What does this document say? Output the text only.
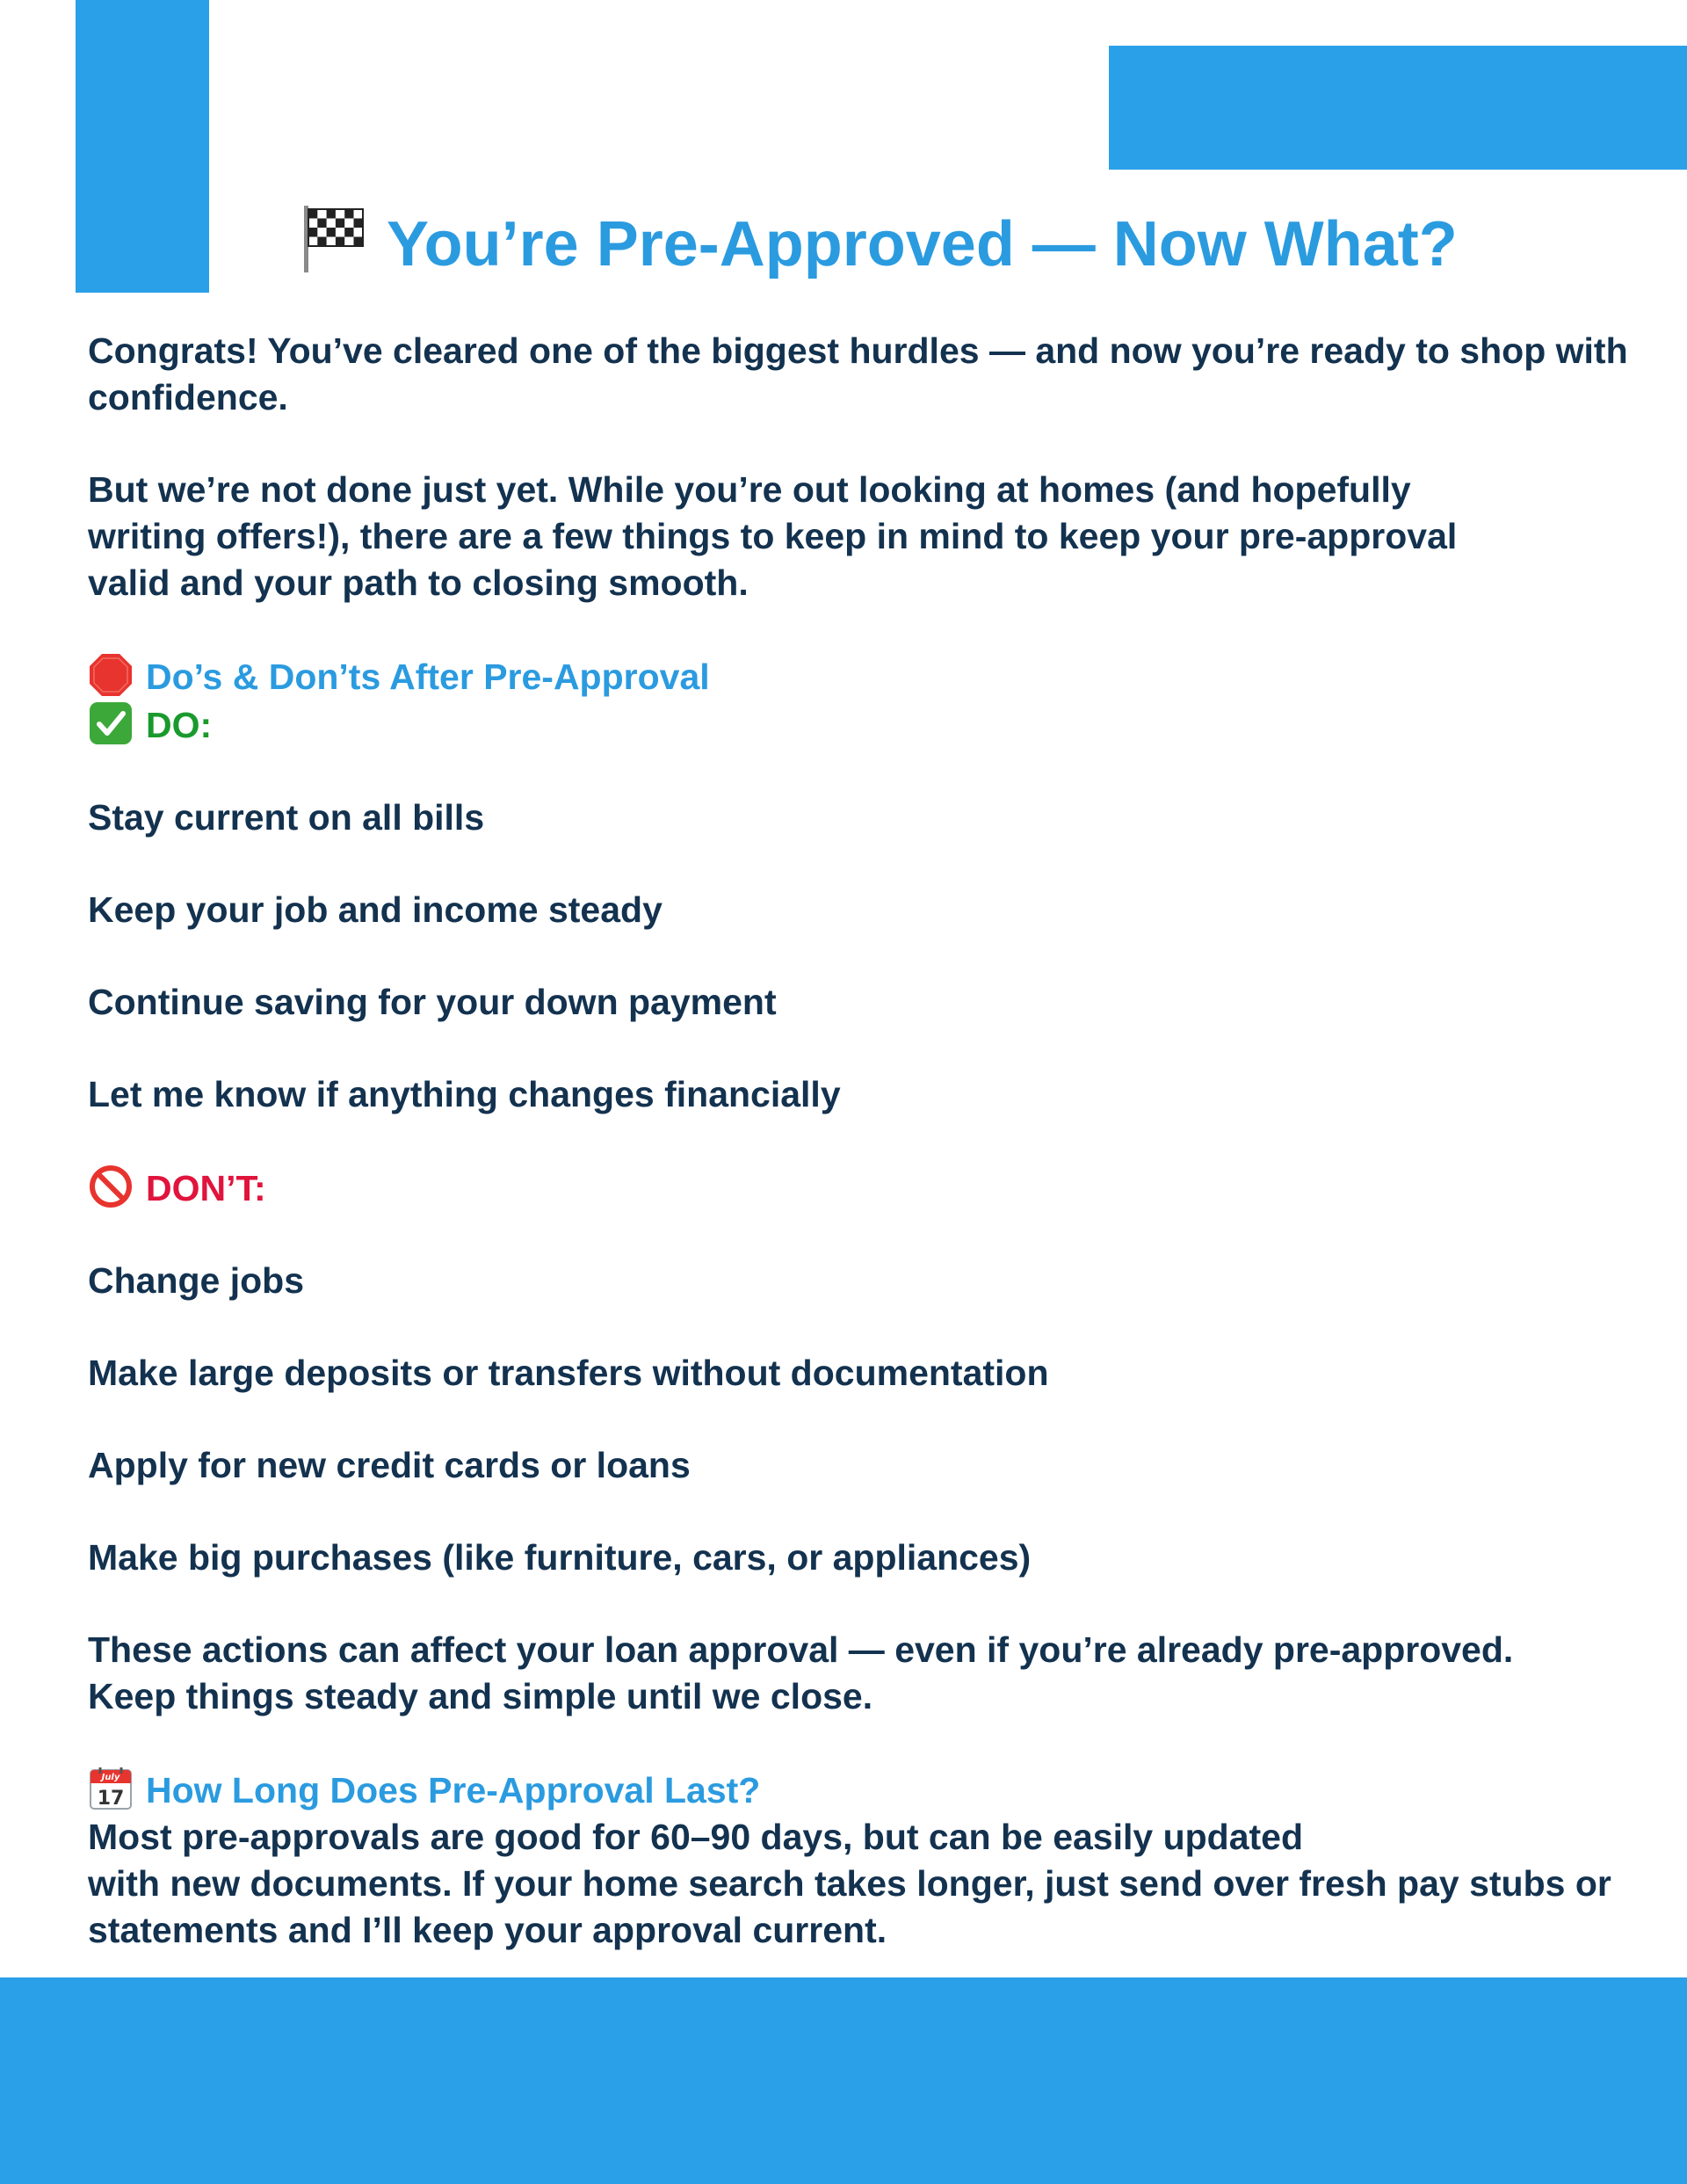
You’re Pre-Approved — Now What?

Congrats! You’ve cleared one of the biggest hurdles — and now you’re ready to shop with confidence.

But we’re not done just yet. While you’re out looking at homes (and hopefully

writing offers!), there are a few things to keep in mind to keep your pre-approval

valid and your path to closing smooth.

Do’s & Don’ts After Pre-Approval

DO:

Stay current on all bills

Keep your job and income steady

Continue saving for your down payment

Let me know if anything changes financially

DON’T:

Change jobs

Make large deposits or transfers without documentation

Apply for new credit cards or loans

Make big purchases (like furniture, cars, or appliances)

These actions can affect your loan approval — even if you’re already pre-approved.

Keep things steady and simple until we close.

July
17 How Long Does Pre-Approval Last?

Most pre-approvals are good for 60–90 days, but can be easily updated

with new documents. If your home search takes longer, just send over fresh pay stubs or

statements and I’ll keep your approval current.
